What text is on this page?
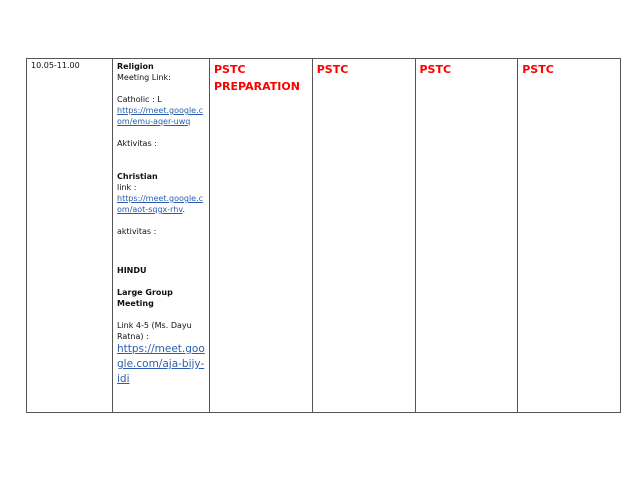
10.05-11.00	Religion

Meeting Link:

Catholic : L

https://meet.google.com/emu-aqer-uwq

Aktivitas :

Christian

link :

https://meet.google.com/aot-sqgx-rhv.

aktivitas :

HINDU

Large Group Meeting

Link 4-5 (Ms. Dayu Ratna) :

https://meet.google.com/aja-bijy-idi

	PSTC PREPARATION	PSTC	PSTC	PSTC
